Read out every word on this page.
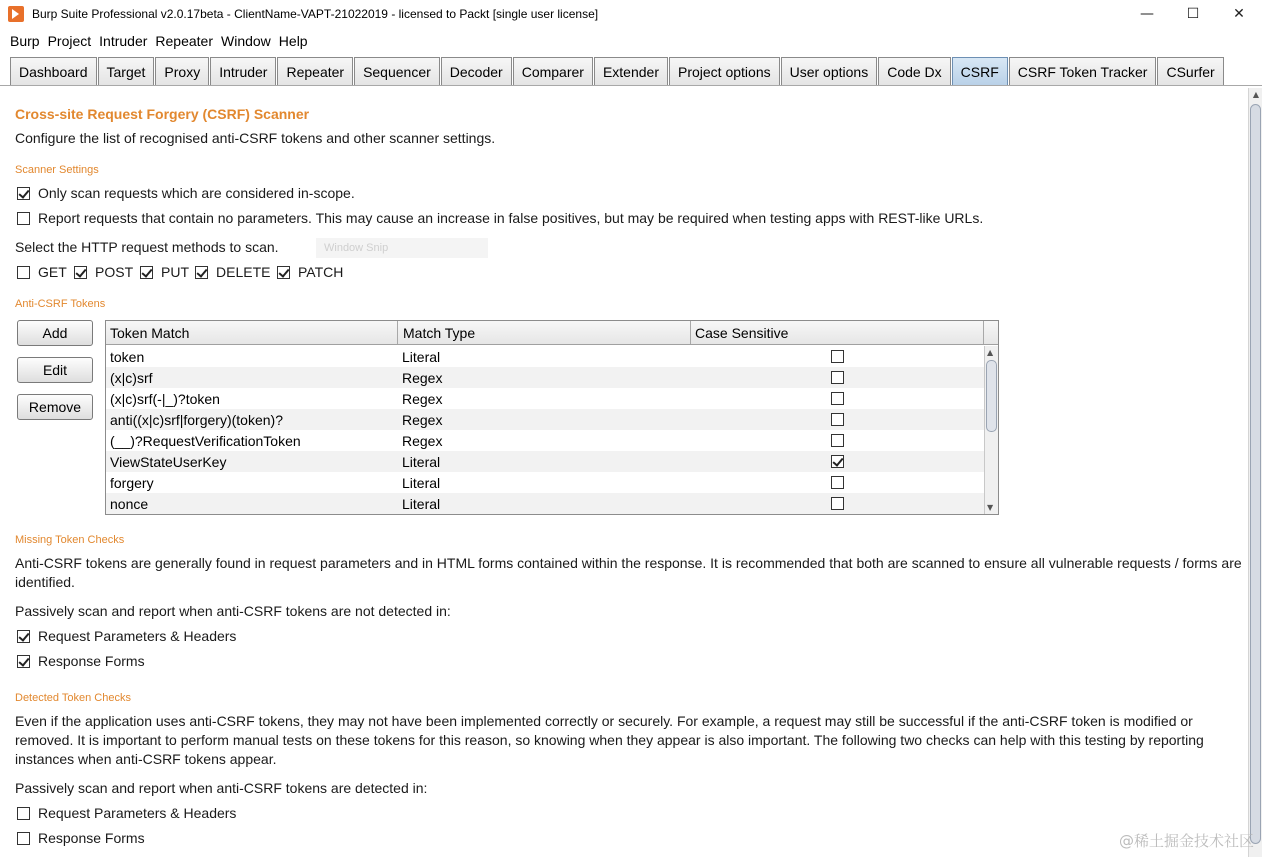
Burp Suite Professional v2.0.17beta - ClientName-VAPT-21022019 - licensed to Packt [single user license]	—	☐	✕
Burp Project Intruder Repeater Window Help
Dashboard	Target	Proxy	Intruder	Repeater	Sequencer	Decoder	Comparer	Extender	Project options	User options	Code Dx	CSRF	CSRF Token Tracker	CSurfer
Cross-site Request Forgery (CSRF) Scanner
Configure the list of recognised anti-CSRF tokens and other scanner settings.
Scanner Settings
Only scan requests which are considered in-scope.
Report requests that contain no parameters. This may cause an increase in false positives, but may be required when testing apps with REST-like URLs.
Select the HTTP request methods to scan.	Window Snip
GET POST PUT DELETE PATCH
Anti-CSRF Tokens
Add
Edit
Remove
Token Match	Match Type	Case Sensitive
token	Literal
(x|c)srf	Regex
(x|c)srf(-|_)?token	Regex
anti((x|c)srf|forgery)(token)?	Regex
(__)?RequestVerificationToken	Regex
ViewStateUserKey	Literal
forgery	Literal
nonce	Literal
▲
▼
Missing Token Checks
Anti-CSRF tokens are generally found in request parameters and in HTML forms contained within the response. It is recommended that both are scanned to ensure all vulnerable requests / forms are identified.
Passively scan and report when anti-CSRF tokens are not detected in:
Request Parameters & Headers
Response Forms
Detected Token Checks
Even if the application uses anti-CSRF tokens, they may not have been implemented correctly or securely. For example, a request may still be successful if the anti-CSRF token is modified or removed. It is important to perform manual tests on these tokens for this reason, so knowing when they appear is also important. The following two checks can help with this testing by reporting instances when anti-CSRF tokens appear.
Passively scan and report when anti-CSRF tokens are detected in:
Request Parameters & Headers
Response Forms
▲
@稀土掘金技术社区
